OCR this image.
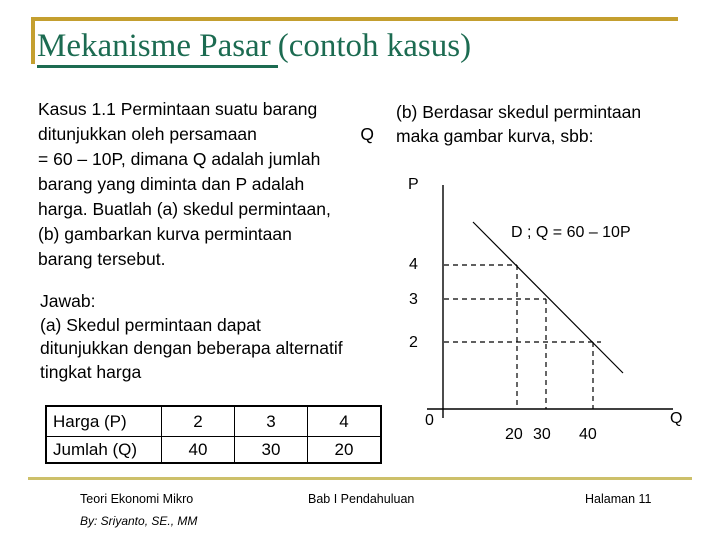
Mekanisme Pasar (contoh kasus)
Kasus 1.1 Permintaan suatu barang
ditunjukkan oleh persamaan	Q
= 60 – 10P, dimana Q adalah jumlah
barang yang diminta dan P adalah
harga. Buatlah (a) skedul permintaan,
(b) gambarkan kurva permintaan
barang tersebut.
Jawab:
(a) Skedul permintaan dapat
ditunjukkan dengan beberapa alternatif
tingkat harga
Harga (P)	2	3	4
Jumlah (Q)	40	30	20
(b) Berdasar skedul permintaan
maka gambar kurva, sbb:
P
D ; Q = 60 – 10P
4
3
2
0
20 30 40
Q
Teori Ekonomi Mikro	Bab I Pendahuluan	Halaman 11
By: Sriyanto, SE., MM
